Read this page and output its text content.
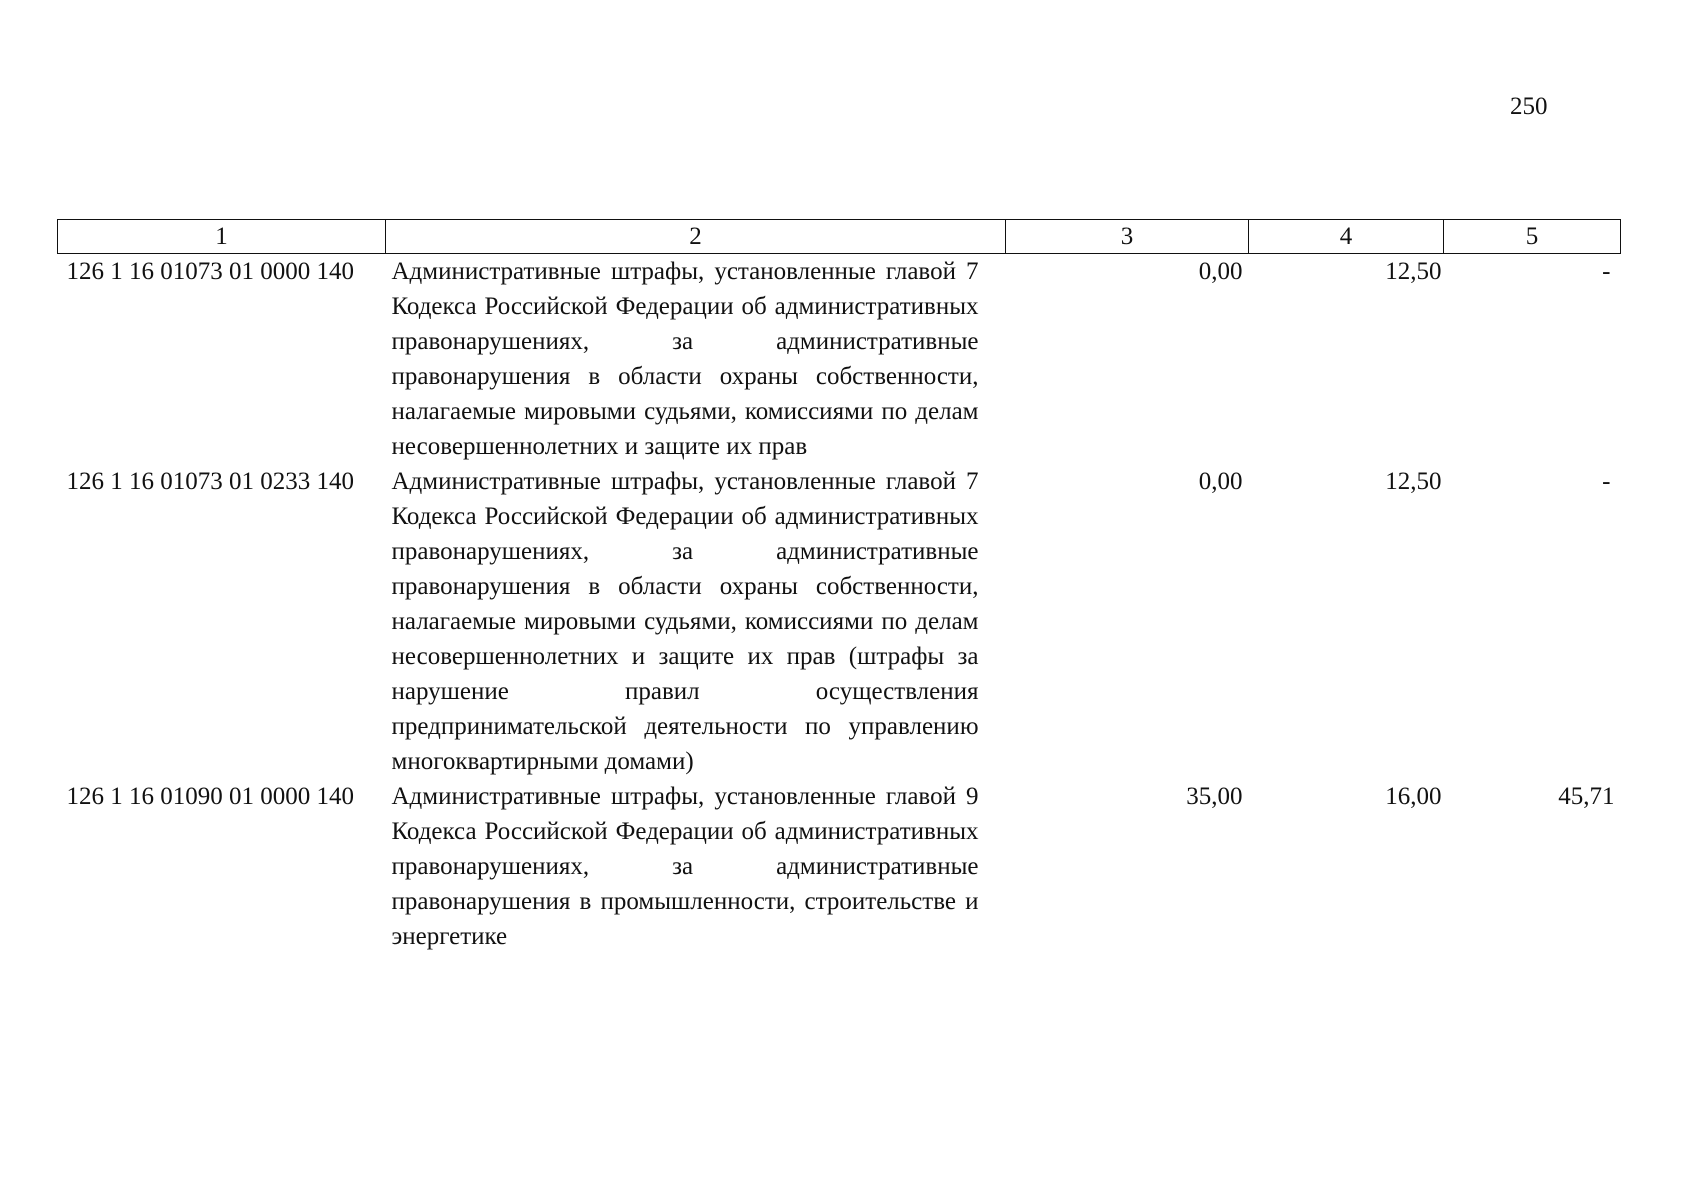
250
1	2	3	4	5
126 1 16 01073 01 0000 140	Административные штрафы, установленные главой 7 Кодекса Российской Федерации об административных правонарушениях, за административные правонарушения в области охраны собственности, налагаемые мировыми судьями, комиссиями по делам несовершеннолетних и защите их прав	0,00	12,50	-
126 1 16 01073 01 0233 140	Административные штрафы, установленные главой 7 Кодекса Российской Федерации об административных правонарушениях, за административные правонарушения в области охраны собственности, налагаемые мировыми судьями, комиссиями по делам несовершеннолетних и защите их прав (штрафы за нарушение правил осуществления предпринимательской деятельности по управлению многоквартирными домами)	0,00	12,50	-
126 1 16 01090 01 0000 140	Административные штрафы, установленные главой 9 Кодекса Российской Федерации об административных правонарушениях, за административные правонарушения в промышленности, строительстве и энергетике	35,00	16,00	45,71
